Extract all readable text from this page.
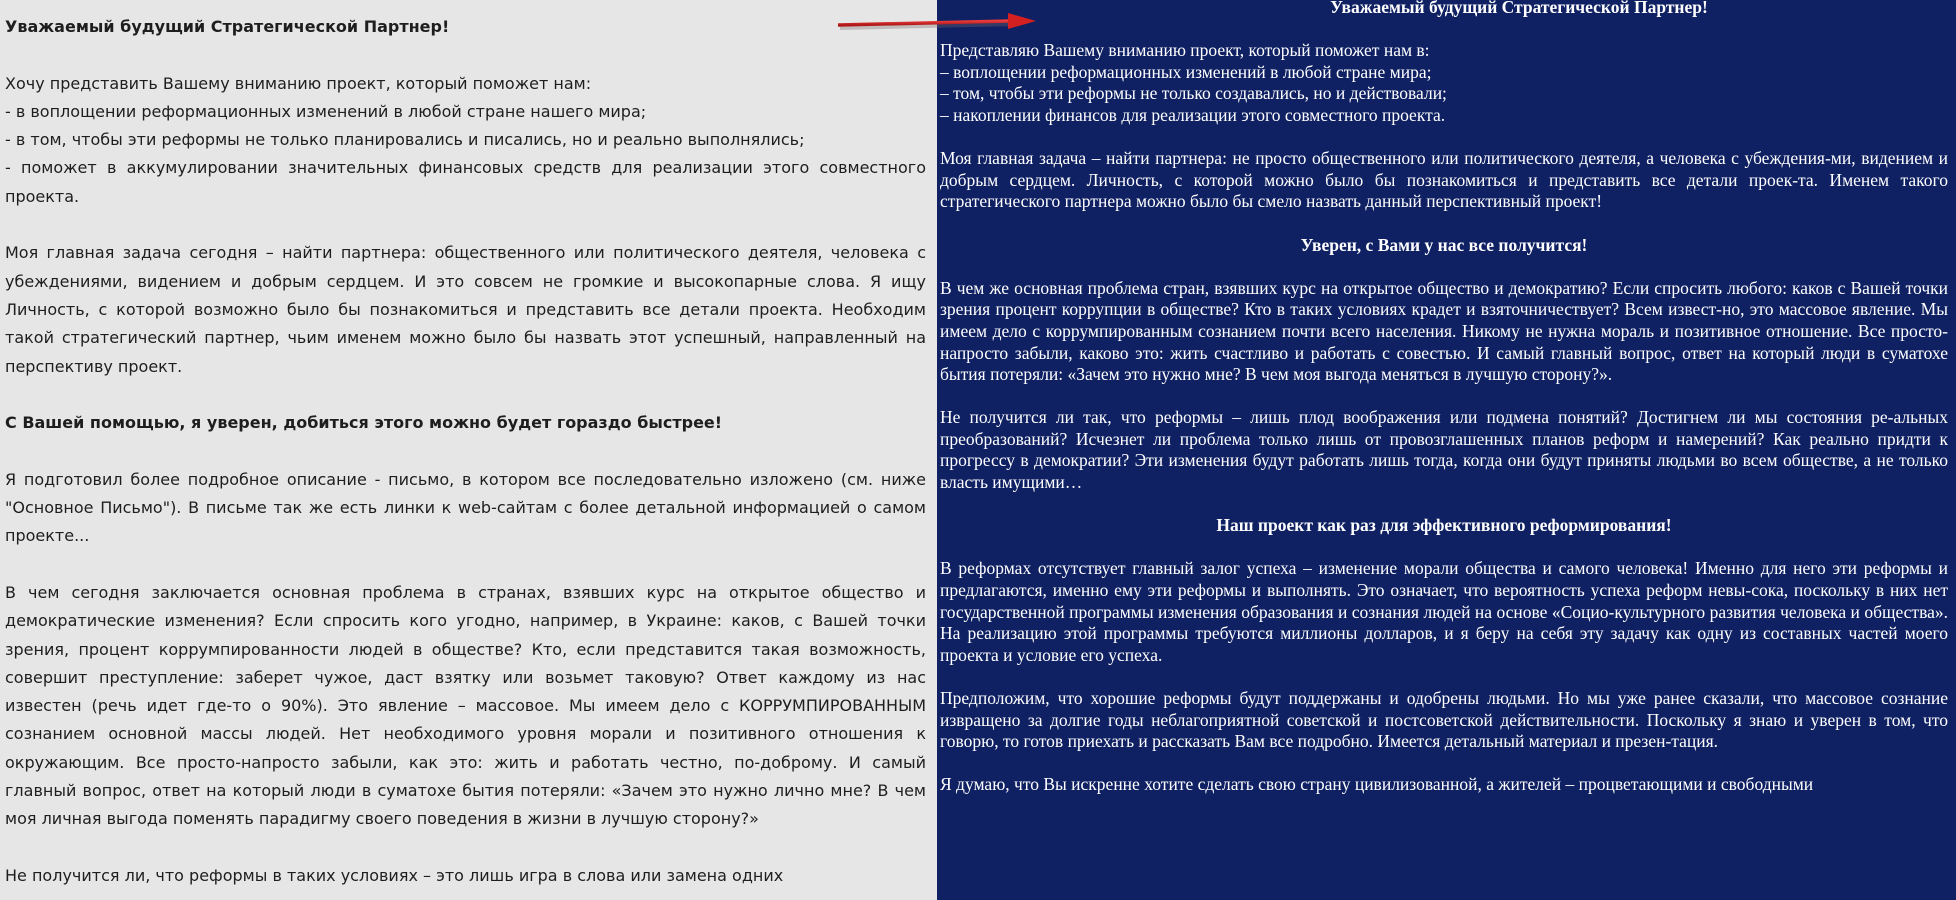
Уважаемый будущий Стратегической Партнер!
Хочу представить Вашему вниманию проект, который поможет нам:
- в воплощении реформационных изменений в любой стране нашего мира;
- в том, чтобы эти реформы не только планировались и писались, но и реально выполнялись;

- поможет в аккумулировании значительных финансовых средств для реализации этого совместного проекта.

Моя главная задача сегодня – найти партнера: общественного или политического деятеля, человека с убеждениями, видением и добрым сердцем. И это совсем не громкие и высокопарные слова. Я ищу Личность, с которой возможно было бы познакомиться и представить все детали проекта. Необходим такой стратегический партнер, чьим именем можно было бы назвать этот успешный, направленный на перспективу проект.

С Вашей помощью, я уверен, добиться этого можно будет гораздо быстрее!

Я подготовил более подробное описание - письмо, в котором все последовательно изложено (см. ниже "Основное Письмо"). В письме так же есть линки к web-сайтам с более детальной информацией о самом проекте...

В чем сегодня заключается основная проблема в странах, взявших курс на открытое общество и демократические изменения? Если спросить кого угодно, например, в Украине: каков, с Вашей точки зрения, процент коррумпированности людей в обществе? Кто, если представится такая возможность, совершит преступление: заберет чужое, даст взятку или возьмет таковую? Ответ каждому из нас известен (речь идет где-то о 90%). Это явление – массовое. Мы имеем дело с КОРРУМПИРОВАННЫМ сознанием основной массы людей. Нет необходимого уровня морали и позитивного отношения к окружающим. Все просто-напросто забыли, как это: жить и работать честно, по-доброму. И самый главный вопрос, ответ на который люди в суматохе бытия потеряли: «Зачем это нужно лично мне? В чем моя личная выгода поменять парадигму своего поведения в жизни в лучшую сторону?»

Не получится ли, что реформы в таких условиях – это лишь игра в слова или замена одних

Уважаемый будущий Стратегической Партнер!
Представляю Вашему вниманию проект, который поможет нам в:
– воплощении реформационных изменений в любой стране мира;
– том, чтобы эти реформы не только создавались, но и действовали;

– накоплении финансов для реализации этого совместного проекта.

Моя главная задача – найти партнера: не просто общественного или политического деятеля, а человека с убеждения-ми, видением и добрым сердцем. Личность, с которой можно было бы познакомиться и представить все детали проек-та. Именем такого стратегического партнера можно было бы смело назвать данный перспективный проект!

Уверен, с Вами у нас все получится!

В чем же основная проблема стран, взявших курс на открытое общество и демократию? Если спросить любого: каков с Вашей точки зрения процент коррупции в обществе? Кто в таких условиях крадет и взяточничествует? Всем извест-но, это массовое явление. Мы имеем дело с коррумпированным сознанием почти всего населения. Никому не нужна мораль и позитивное отношение. Все просто-напросто забыли, каково это: жить счастливо и работать с совестью. И самый главный вопрос, ответ на который люди в суматохе бытия потеряли: «Зачем это нужно мне? В чем моя выгода меняться в лучшую сторону?».

Не получится ли так, что реформы – лишь плод воображения или подмена понятий? Достигнем ли мы состояния ре-альных преобразований? Исчезнет ли проблема только лишь от провозглашенных планов реформ и намерений? Как реально придти к прогрессу в демократии? Эти изменения будут работать лишь тогда, когда они будут приняты людьми во всем обществе, а не только власть имущими…

Наш проект как раз для эффективного реформирования!

В реформах отсутствует главный залог успеха – изменение морали общества и самого человека! Именно для него эти реформы и предлагаются, именно ему эти реформы и выполнять. Это означает, что вероятность успеха реформ невы-сока, поскольку в них нет государственной программы изменения образования и сознания людей на основе «Социо-культурного развития человека и общества». На реализацию этой программы требуются миллионы долларов, и я беру на себя эту задачу как одну из составных частей моего проекта и условие его успеха.

Предположим, что хорошие реформы будут поддержаны и одобрены людьми. Но мы уже ранее сказали, что массовое сознание извращено за долгие годы неблагоприятной советской и постсоветской действительности. Поскольку я знаю и уверен в том, что говорю, то готов приехать и рассказать Вам все подробно. Имеется детальный материал и презен-тация.

Я думаю, что Вы искренне хотите сделать свою страну цивилизованной, а жителей – процветающими и свободными
